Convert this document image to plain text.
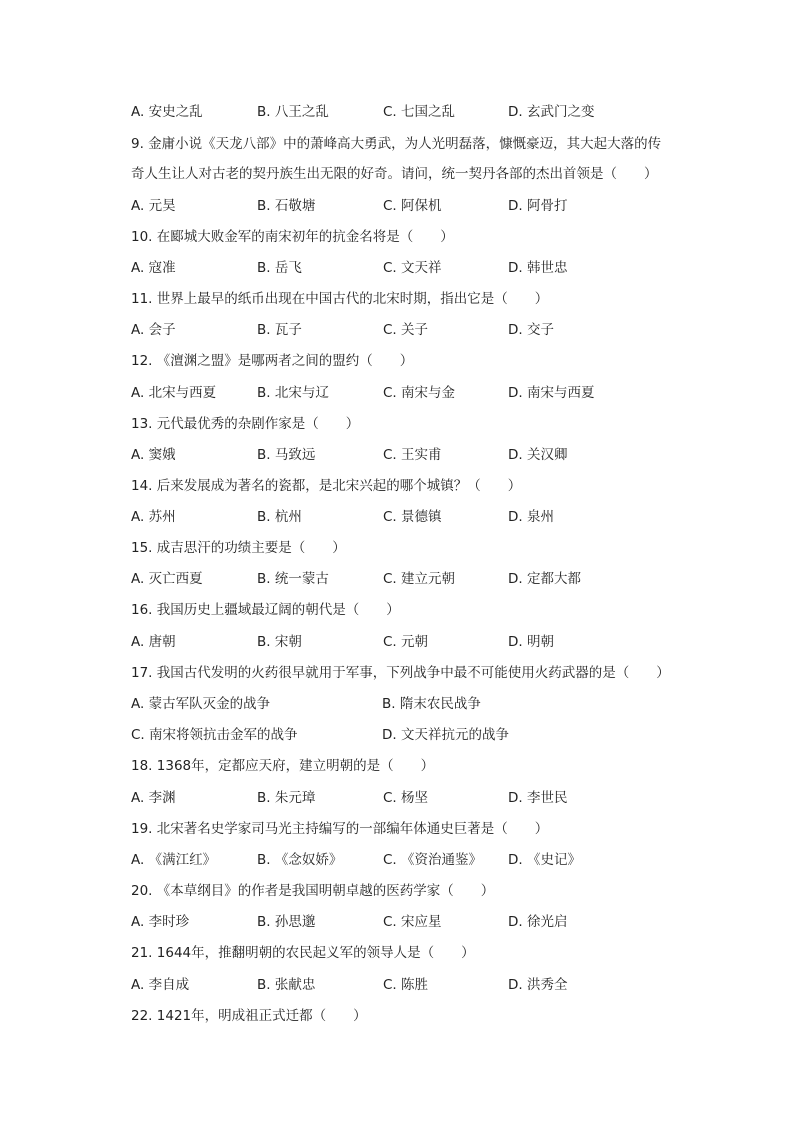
A. 安史之乱	B. 八王之乱	C. 七国之乱	D. 玄武门之变
9. 金庸小说《天龙八部》中的萧峰高大勇武，为人光明磊落，慷慨豪迈，其大起大落的传
奇人生让人对古老的契丹族生出无限的好奇。请问，统一契丹各部的杰出首领是（　　）
A. 元昊	B. 石敬塘	C. 阿保机	D. 阿骨打
10. 在郾城大败金军的南宋初年的抗金名将是（　　）
A. 寇准	B. 岳飞	C. 文天祥	D. 韩世忠
11. 世界上最早的纸币出现在中国古代的北宋时期，指出它是（　　）
A. 会子	B. 瓦子	C. 关子	D. 交子
12. 《澶渊之盟》是哪两者之间的盟约（　　）
A. 北宋与西夏	B. 北宋与辽	C. 南宋与金	D. 南宋与西夏
13. 元代最优秀的杂剧作家是（　　）
A. 窦娥	B. 马致远	C. 王实甫	D. 关汉卿
14. 后来发展成为著名的瓷都，是北宋兴起的哪个城镇？（　　）
A. 苏州	B. 杭州	C. 景德镇	D. 泉州
15. 成吉思汗的功绩主要是（　　）
A. 灭亡西夏	B. 统一蒙古	C. 建立元朝	D. 定都大都
16. 我国历史上疆域最辽阔的朝代是（　　）
A. 唐朝	B. 宋朝	C. 元朝	D. 明朝
17. 我国古代发明的火药很早就用于军事，下列战争中最不可能使用火药武器的是（　　）
A. 蒙古军队灭金的战争	B. 隋末农民战争
C. 南宋将领抗击金军的战争	D. 文天祥抗元的战争
18. 1368年，定都应天府，建立明朝的是（　　）
A. 李渊	B. 朱元璋	C. 杨坚	D. 李世民
19. 北宋著名史学家司马光主持编写的一部编年体通史巨著是（　　）
A. 《满江红》	B. 《念奴娇》	C. 《资治通鉴》 D. 《史记》
20. 《本草纲目》的作者是我国明朝卓越的医药学家（　　）
A. 李时珍	B. 孙思邈	C. 宋应星	D. 徐光启
21. 1644年，推翻明朝的农民起义军的领导人是（　　）
A. 李自成	B. 张献忠	C. 陈胜	D. 洪秀全
22. 1421年，明成祖正式迁都（　　）
